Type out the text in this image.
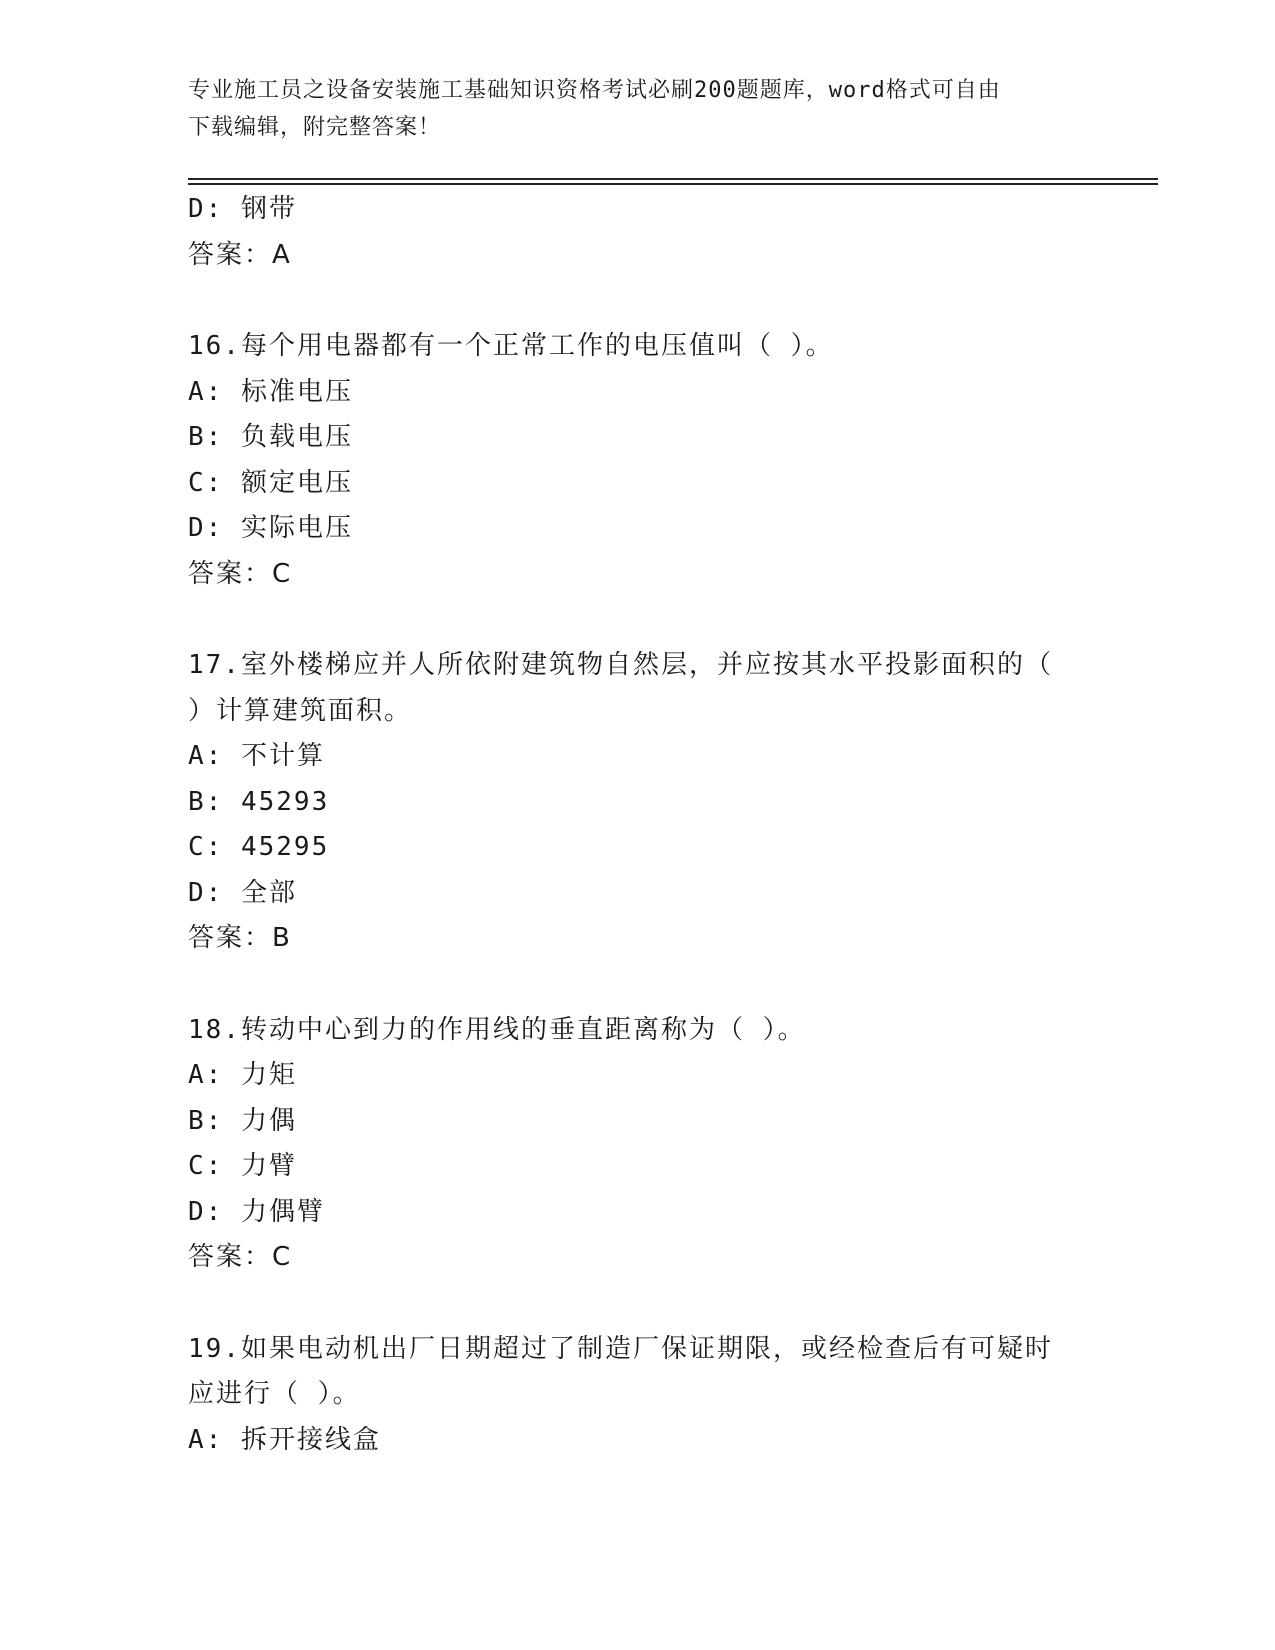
专业施工员之设备安装施工基础知识资格考试必刷200题题库，word格式可自由
下载编辑，附完整答案！
D: 钢带
答案：A
16.每个用电器都有一个正常工作的电压值叫（ ）。
A: 标准电压
B: 负载电压
C: 额定电压
D: 实际电压
答案：C
17.室外楼梯应并人所依附建筑物自然层，并应按其水平投影面积的（
）计算建筑面积。
A: 不计算
B: 45293
C: 45295
D: 全部
答案：B
18.转动中心到力的作用线的垂直距离称为（ ）。
A: 力矩
B: 力偶
C: 力臂
D: 力偶臂
答案：C
19.如果电动机出厂日期超过了制造厂保证期限，或经检查后有可疑时
应进行（ ）。
A: 拆开接线盒
